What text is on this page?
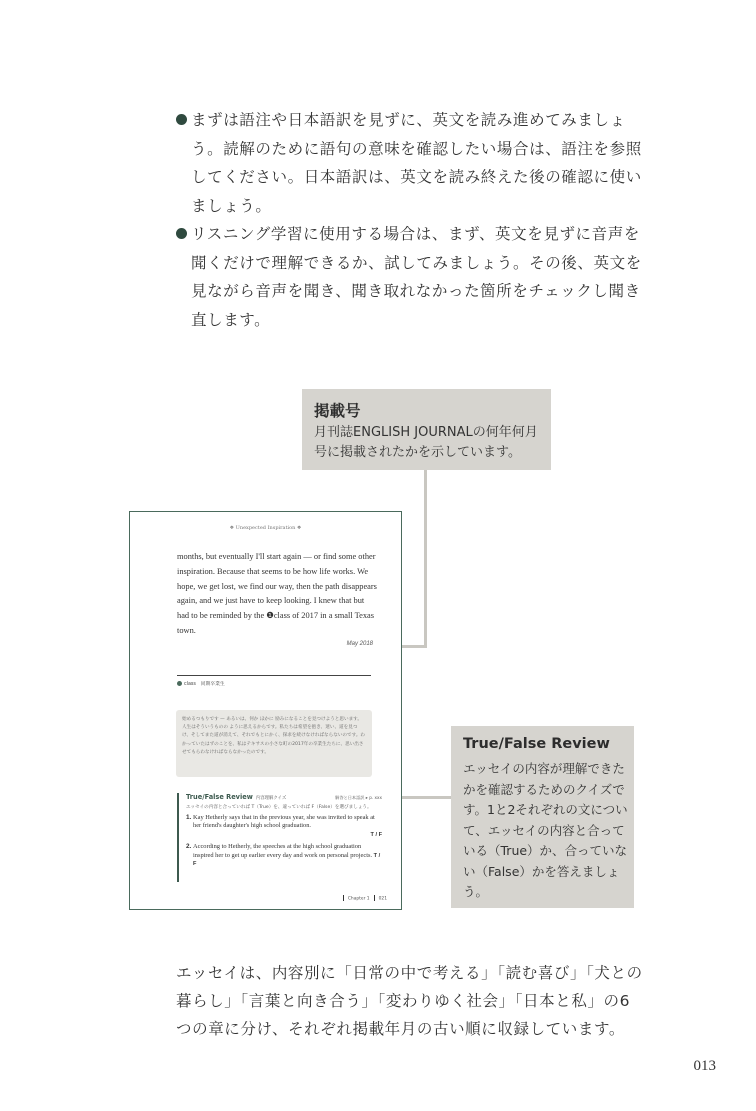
まずは語注や日本語訳を見ずに、英文を読み進めてみましょう。読解のために語句の意味を確認したい場合は、語注を参照してください。日本語訳は、英文を読み終えた後の確認に使いましょう。
リスニング学習に使用する場合は、まず、英文を見ずに音声を聞くだけで理解できるか、試してみましょう。その後、英文を見ながら音声を聞き、聞き取れなかった箇所をチェックし聞き直します。
掲載号
月刊誌ENGLISH JOURNALの何年何月号に掲載されたかを示しています。
True/False Review
エッセイの内容が理解できたかを確認するためのクイズです。1と2それぞれの文について、エッセイの内容と合っている（True）か、合っていない（False）かを答えましょう。
❖ Unexpected Inspiration ❖
months, but eventually I'll start again — or find some other inspiration. Because that seems to be how life works. We hope, we get lost, we find our way, then the path disappears again, and we just have to keep looking. I knew that but had to be reminded by the ❶class of 2017 in a small Texas town.
May 2018
class　同期卒業生
始めるつもりです — あるいは、何か ほかに 励みになることを見つけようと思います。人生はそういうものの ように思えるからです。私たちは希望を抱き、迷い、道を見つけ、そしてまた道が消えて、それでもとにかく、探求を続けなければならないのです。わかっていたはずのことを、私はテキサスの小さな町の2017年の卒業生たちに、思い出させてもらわなければならなかったのです。
True/False Review 内容理解クイズ	解答と日本語訳 ▸ p. xxx
エッセイの内容と合っていれば T（True）を、違っていれば F（False）を選びましょう。
1. Kay Hetherly says that in the previous year, she was invited to speak at her friend's daughter's high school graduation.
T / F
2. According to Hetherly, the speeches at the high school graduation inspired her to get up earlier every day and work on personal projects. T / F
Chapter 1 021
エッセイは、内容別に「日常の中で考える」「読む喜び」「犬との暮らし」「言葉と向き合う」「変わりゆく社会」「日本と私」の6つの章に分け、それぞれ掲載年月の古い順に収録しています。
013
